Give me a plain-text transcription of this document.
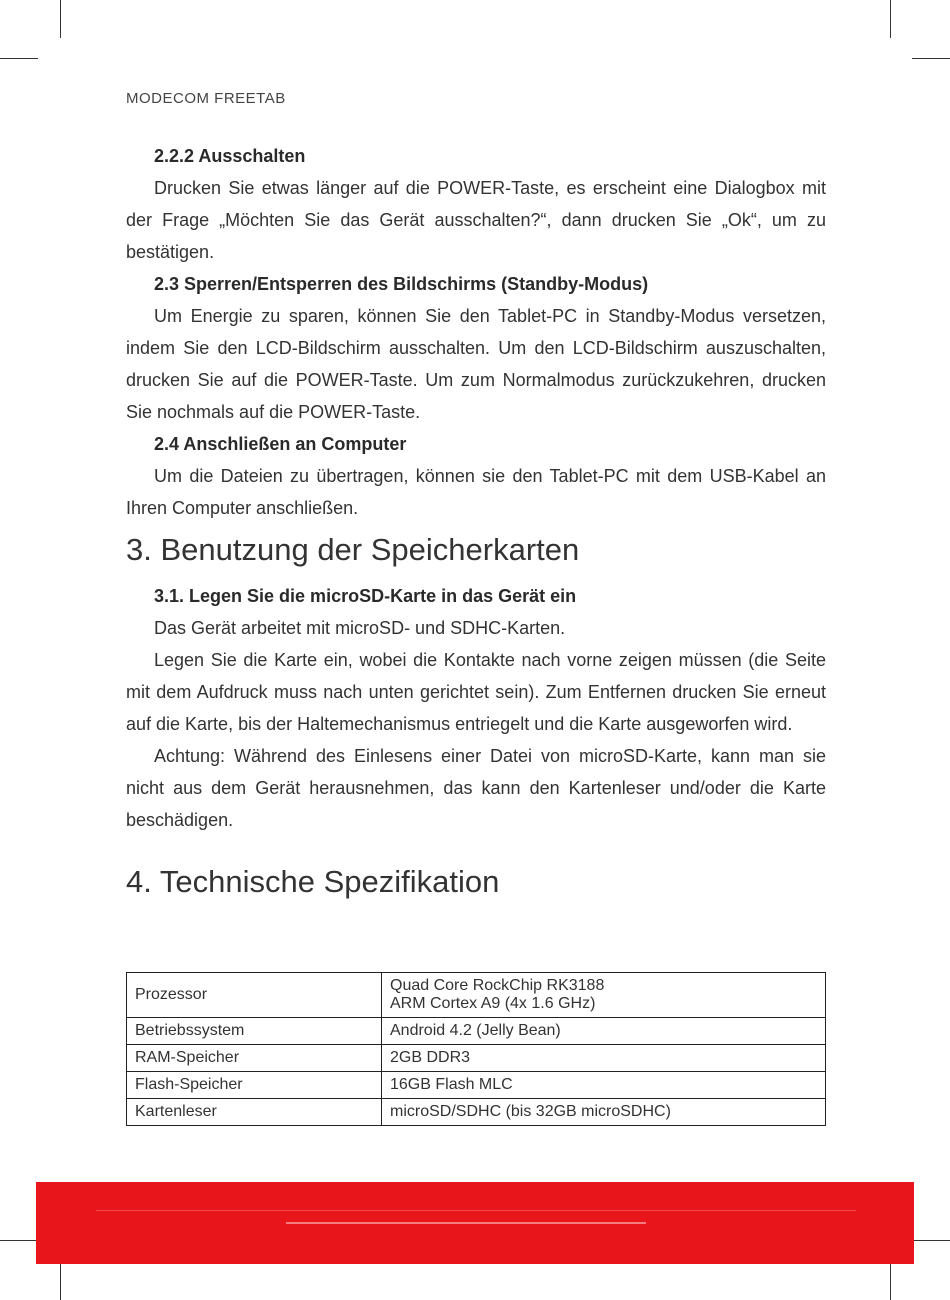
MODECOM FREETAB

2.2.2 Ausschalten

Drucken Sie etwas länger auf die POWER-Taste, es erscheint eine Dialogbox mit der Frage „Möchten Sie das Gerät ausschalten?“, dann drucken Sie „Ok“, um zu bestätigen.

2.3 Sperren/Entsperren des Bildschirms (Standby-Modus)

Um Energie zu sparen, können Sie den Tablet-PC in Standby-Modus versetzen, indem Sie den LCD-Bildschirm ausschalten. Um den LCD-Bildschirm auszuschalten, drucken Sie auf die POWER-Taste. Um zum Normalmodus zurückzukehren, drucken Sie nochmals auf die POWER-Taste.

2.4 Anschließen an Computer

Um die Dateien zu übertragen, können sie den Tablet-PC mit dem USB-Kabel an Ihren Computer anschließen.

3. Benutzung der Speicherkarten

3.1. Legen Sie die microSD-Karte in das Gerät ein

Das Gerät arbeitet mit microSD- und SDHC-Karten.

Legen Sie die Karte ein, wobei die Kontakte nach vorne zeigen müssen (die Seite mit dem Aufdruck muss nach unten gerichtet sein). Zum Entfernen drucken Sie erneut auf die Karte, bis der Haltemechanismus entriegelt und die Karte ausgeworfen wird.

Achtung: Während des Einlesens einer Datei von microSD-Karte, kann man sie nicht aus dem Gerät herausnehmen, das kann den Kartenleser und/oder die Karte beschädigen.

4. Technische Spezifikation
Prozessor	Quad Core RockChip RK3188
ARM Cortex A9 (4x 1.6 GHz)

Betriebssystem	Android 4.2 (Jelly Bean)
RAM-Speicher	2GB DDR3
Flash-Speicher	16GB Flash MLC
Kartenleser	microSD/SDHC (bis 32GB microSDHC)
